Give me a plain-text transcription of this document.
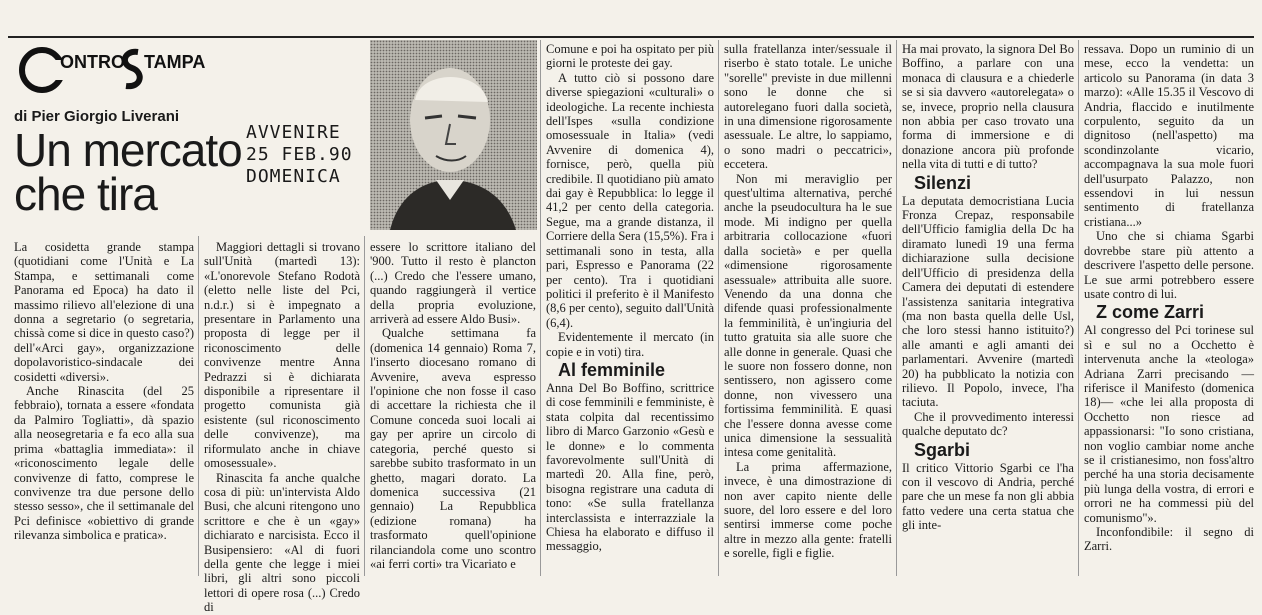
ONTRO TAMPA
di Pier Giorgio Liverani
Un mercato
che tira
AVVENIRE
25 FEB.90
DOMENICA

La cosidetta grande stampa (quotidiani come l'Unità e La Stampa, e settimanali come Panorama ed Epoca) ha dato il massimo rilievo all'elezione di una donna a segretario (o segretaria, chissà come si dice in questo caso?) dell'«Arci gay», organizzazione dopolavoristico-sindacale dei cosidetti «diversi».

Anche Rinascita (del 25 febbraio), tornata a essere «fondata da Palmiro Togliatti», dà spazio alla neosegretaria e fa eco alla sua prima «battaglia immediata»: il «riconoscimento legale delle convivenze di fatto, comprese le convivenze tra due persone dello stesso sesso», che il settimanale del Pci definisce «obiettivo di grande rilevanza simbolica e pratica».

Maggiori dettagli si trovano sull'Unità (martedì 13): «L'onorevole Stefano Rodotà (eletto nelle liste del Pci, n.d.r.) si è impegnato a presentare in Parlamento una proposta di legge per il riconoscimento delle convivenze mentre Anna Pedrazzi si è dichiarata disponibile a ripresentare il progetto comunista già esistente (sul riconoscimento delle convivenze), ma riformulato anche in chiave omosessuale».

Rinascita fa anche qualche cosa di più: un'intervista Aldo Busi, che alcuni ritengono uno scrittore e che è un «gay» dichiarato e narcisista. Ecco il Busipensiero: «Al di fuori della gente che legge i miei libri, gli altri sono piccoli lettori di opere rosa (...) Credo di

essere lo scrittore italiano del '900. Tutto il resto è plancton (...) Credo che l'essere umano, quando raggiungerà il vertice della propria evoluzione, arriverà ad essere Aldo Busi».

Qualche settimana fa (domenica 14 gennaio) Roma 7, l'inserto diocesano romano di Avvenire, aveva espresso l'opinione che non fosse il caso di accettare la richiesta che il Comune conceda suoi locali ai gay per aprire un circolo di categoria, perché questo si sarebbe subito trasformato in un ghetto, magari dorato. La domenica successiva (21 gennaio) La Repubblica (edizione romana) ha trasformato quell'opinione rilanciandola come uno scontro «ai ferri corti» tra Vicariato e

Comune e poi ha ospitato per più giorni le proteste dei gay.

A tutto ciò si possono dare diverse spiegazioni «culturali» o ideologiche. La recente inchiesta dell'Ispes «sulla condizione omosessuale in Italia» (vedi Avvenire di domenica 4), fornisce, però, quella più credibile. Il quotidiano più amato dai gay è Repubblica: lo legge il 41,2 per cento della categoria. Segue, ma a grande distanza, il Corriere della Sera (15,5%). Fra i settimanali sono in testa, alla pari, Espresso e Panorama (22 per cento). Tra i quotidiani politici il preferito è il Manifesto (8,6 per cento), seguito dall'Unità (6,4).

Evidentemente il mercato (in copie e in voti) tira.

Al femminile

Anna Del Bo Boffino, scrittrice di cose femminili e femministe, è stata colpita dal recentissimo libro di Marco Garzonio «Gesù e le donne» e lo commenta favorevolmente sull'Unità di martedì 20. Alla fine, però, bisogna registrare una caduta di tono: «Se sulla fratellanza interclassista e interrazziale la Chiesa ha elaborato e diffuso il messaggio,

sulla fratellanza inter/sessuale il riserbo è stato totale. Le uniche "sorelle" previste in due millenni sono le donne che si autorelegano fuori dalla società, in una dimensione rigorosamente asessuale. Le altre, lo sappiamo, o sono madri o peccatrici», eccetera.

Non mi meraviglio per quest'ultima alternativa, perché anche la pseudocultura ha le sue mode. Mi indigno per quella arbitraria collocazione «fuori dalla società» e per quella «dimensione rigorosamente asessuale» attribuita alle suore. Venendo da una donna che difende quasi professionalmente la femminilità, è un'ingiuria del tutto gratuita sia alle suore che alle donne in generale. Quasi che le suore non fossero donne, non sentissero, non agissero come donne, non vivessero una fortissima femminilità. E quasi che l'essere donna avesse come unica dimensione la sessualità intesa come genitalità.

La prima affermazione, invece, è una dimostrazione di non aver capito niente delle suore, del loro essere e del loro sentirsi immerse come poche altre in mezzo alla gente: fratelli e sorelle, figli e figlie.

Ha mai provato, la signora Del Bo Boffino, a parlare con una monaca di clausura e a chiederle se si sia davvero «autorelegata» o se, invece, proprio nella clausura non abbia per caso trovato una forma di immersione e di donazione ancora più profonde nella vita di tutti e di tutto?

Silenzi

La deputata democristiana Lucia Fronza Crepaz, responsabile dell'Ufficio famiglia della Dc ha diramato lunedì 19 una ferma dichiarazione sulla decisione dell'Ufficio di presidenza della Camera dei deputati di estendere l'assistenza sanitaria integrativa (ma non basta quella delle Usl, che loro stessi hanno istituito?) alle amanti e agli amanti dei parlamentari. Avvenire (martedì 20) ha pubblicato la notizia con rilievo. Il Popolo, invece, l'ha taciuta.

Che il provvedimento interessi qualche deputato dc?

Sgarbi

Il critico Vittorio Sgarbi ce l'ha con il vescovo di Andria, perché pare che un mese fa non gli abbia fatto vedere una certa statua che gli inte-

ressava. Dopo un ruminio di un mese, ecco la vendetta: un articolo su Panorama (in data 3 marzo): «Alle 15.35 il Vescovo di Andria, flaccido e inutilmente corpulento, seguito da un dignitoso (nell'aspetto) ma scondinzolante vicario, accompagnava la sua mole fuori dell'usurpato Palazzo, non essendovi in lui nessun sentimento di fratellanza cristiana...»

Uno che si chiama Sgarbi dovrebbe stare più attento a descrivere l'aspetto delle persone. Le sue armi potrebbero essere usate contro di lui.

Z come Zarri

Al congresso del Pci torinese sul sì e sul no a Occhetto è intervenuta anche la «teologa» Adriana Zarri precisando —riferisce il Manifesto (domenica 18)— «che lei alla proposta di Occhetto non riesce ad appassionarsi: "Io sono cristiana, non voglio cambiar nome anche se il cristianesimo, non foss'altro perché ha una storia decisamente più lunga della vostra, di errori e orrori ne ha commessi più del comunismo"».

Inconfondibile: il segno di Zarri.
